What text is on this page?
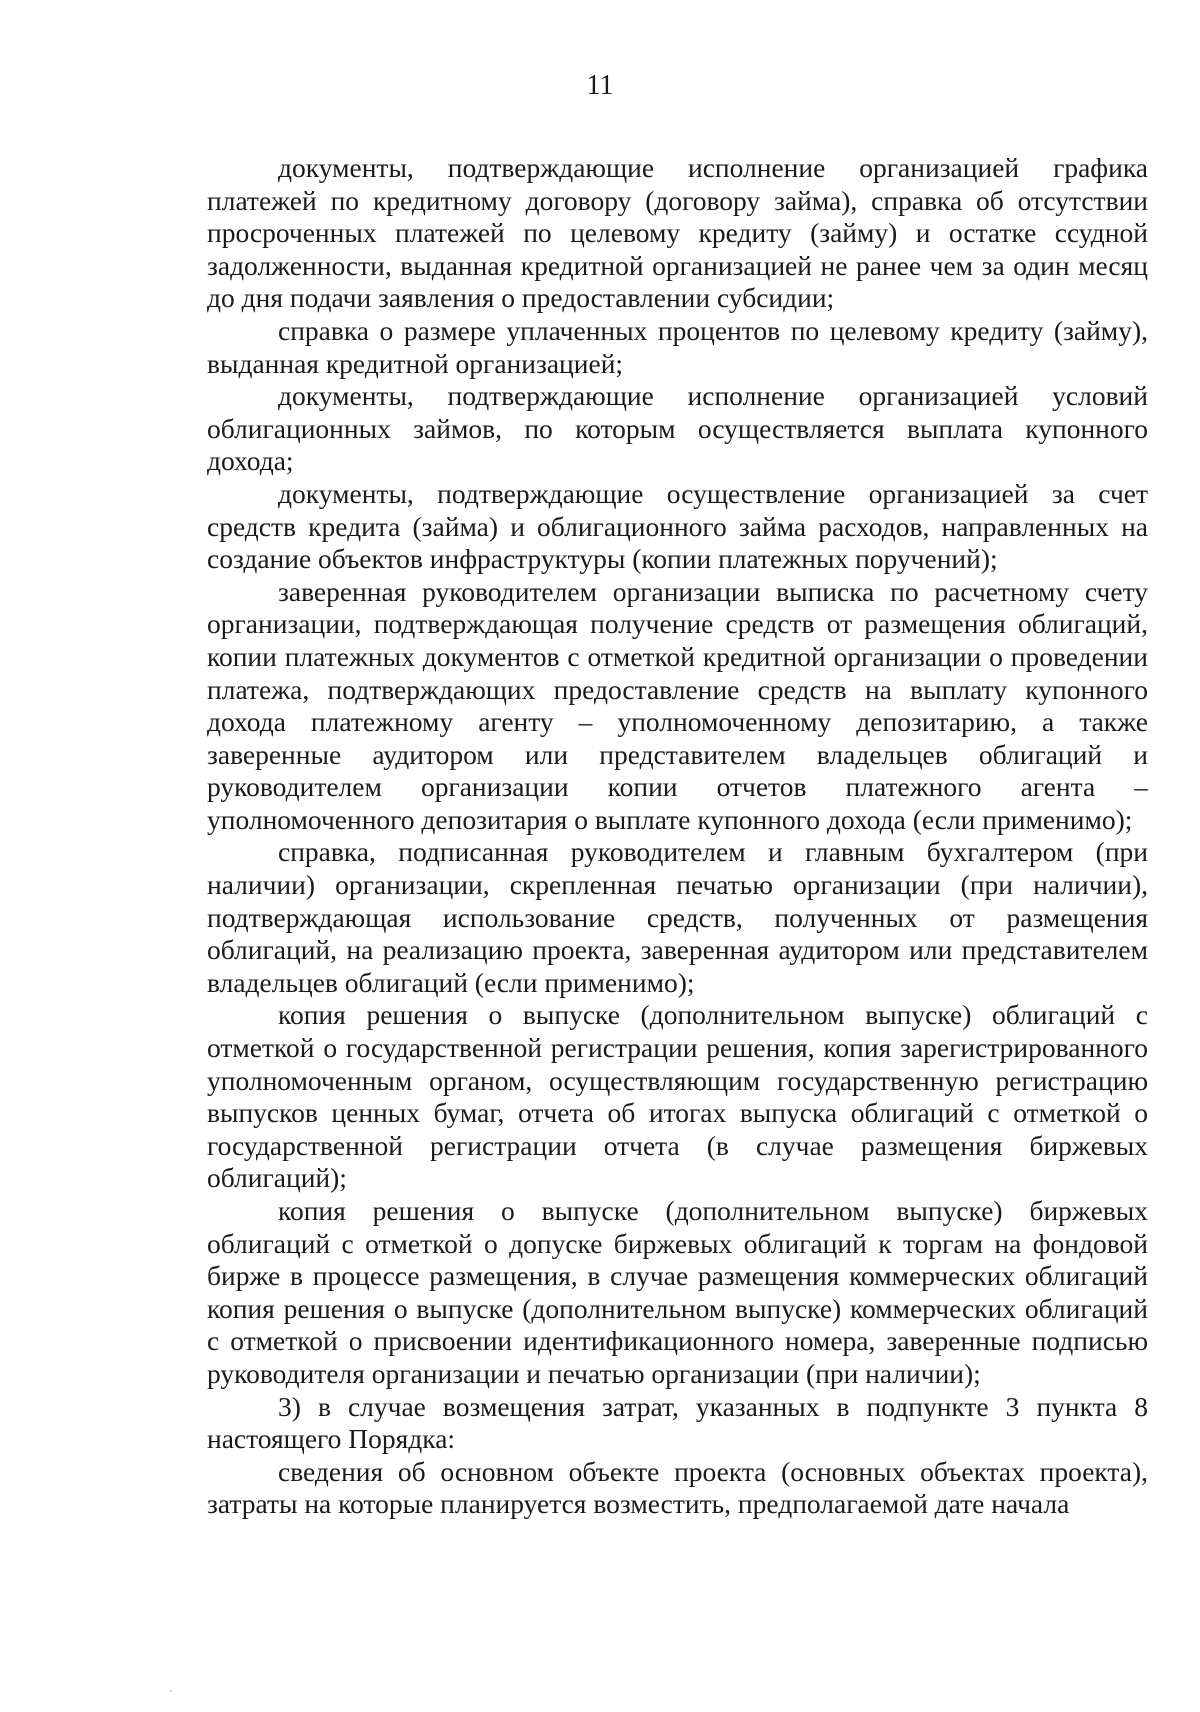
11

документы, подтверждающие исполнение организацией графика платежей по кредитному договору (договору займа), справка об отсутствии просроченных платежей по целевому кредиту (займу) и остатке ссудной задолженности, выданная кредитной организацией не ранее чем за один месяц до дня подачи заявления о предоставлении субсидии;

справка о размере уплаченных процентов по целевому кредиту (займу), выданная кредитной организацией;

документы, подтверждающие исполнение организацией условий облигационных займов, по которым осуществляется выплата купонного дохода;

документы, подтверждающие осуществление организацией за счет средств кредита (займа) и облигационного займа расходов, направленных на создание объектов инфраструктуры (копии платежных поручений);

заверенная руководителем организации выписка по расчетному счету организации, подтверждающая получение средств от размещения облигаций, копии платежных документов с отметкой кредитной организации о проведении платежа, подтверждающих предоставление средств на выплату купонного дохода платежному агенту – уполномоченному депозитарию, а также заверенные аудитором или представителем владельцев облигаций и руководителем организации копии отчетов платежного агента – уполномоченного депозитария о выплате купонного дохода (если применимо);

справка, подписанная руководителем и главным бухгалтером (при наличии) организации, скрепленная печатью организации (при наличии), подтверждающая использование средств, полученных от размещения облигаций, на реализацию проекта, заверенная аудитором или представителем владельцев облигаций (если применимо);

копия решения о выпуске (дополнительном выпуске) облигаций с отметкой о государственной регистрации решения, копия зарегистрированного уполномоченным органом, осуществляющим государственную регистрацию выпусков ценных бумаг, отчета об итогах выпуска облигаций с отметкой о государственной регистрации отчета (в случае размещения биржевых облигаций);

копия решения о выпуске (дополнительном выпуске) биржевых облигаций с отметкой о допуске биржевых облигаций к торгам на фондовой бирже в процессе размещения, в случае размещения коммерческих облигаций копия решения о выпуске (дополнительном выпуске) коммерческих облигаций с отметкой о присвоении идентификационного номера, заверенные подписью руководителя организации и печатью организации (при наличии);

3) в случае возмещения затрат, указанных в подпункте 3 пункта 8 настоящего Порядка:

сведения об основном объекте проекта (основных объектах проекта), затраты на которые планируется возместить, предполагаемой дате начала
